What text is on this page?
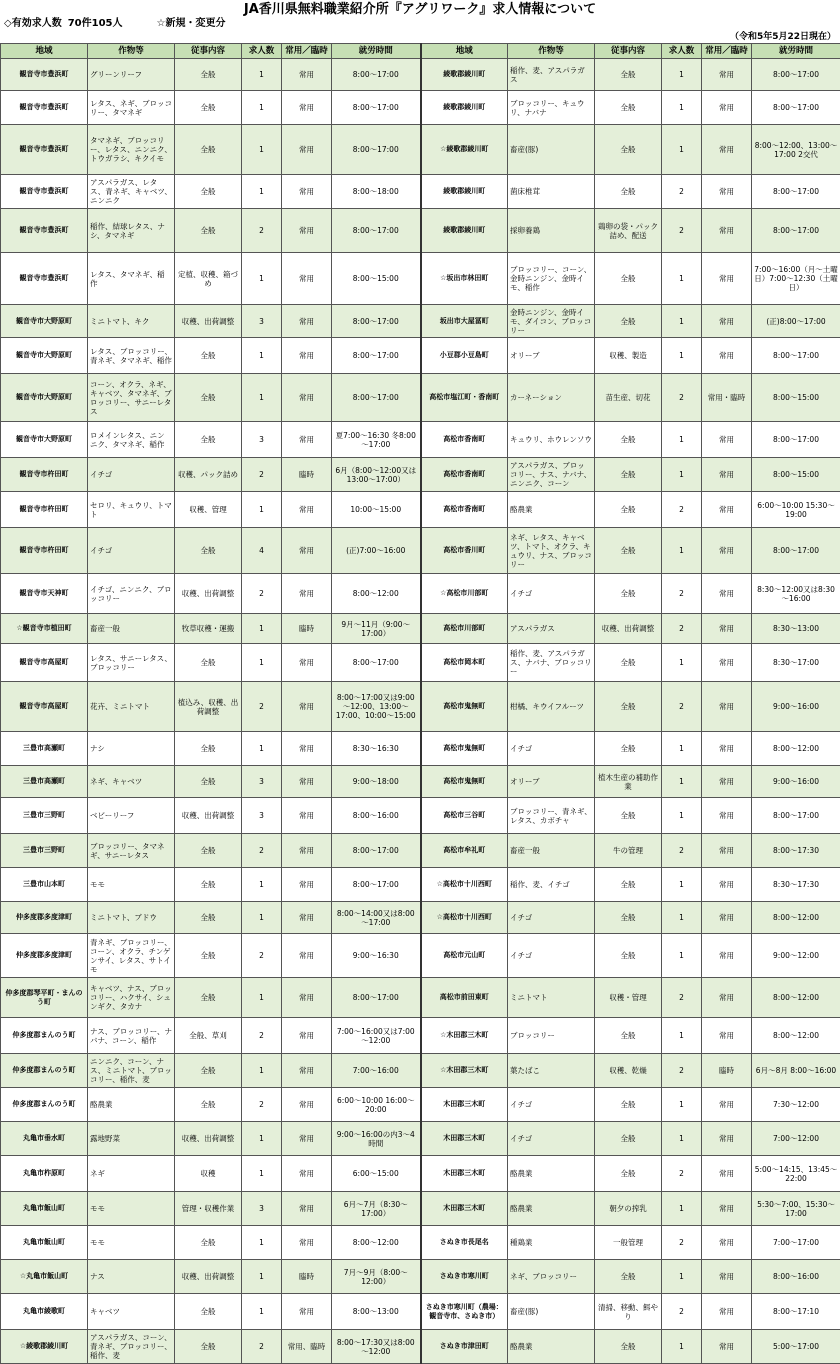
JA香川県無料職業紹介所『アグリワーク』求人情報について
◇有効求人数 70件105人	☆新規・変更分
（令和5年5月22日現在）
地域	作物等	従事内容	求人数	常用／臨時	就労時間	地域	作物等	従事内容	求人数	常用／臨時	就労時間
観音寺市豊浜町	グリーンリーフ	全般	1	常用	8:00～17:00	綾歌郡綾川町	稲作、麦、アスパラガス	全般	1	常用	8:00～17:00
観音寺市豊浜町	レタス、ネギ、ブロッコリー、タマネギ	全般	1	常用	8:00～17:00	綾歌郡綾川町	ブロッコリー、キュウリ、ナバナ	全般	1	常用	8:00～17:00
観音寺市豊浜町	タマネギ、ブロッコリー、レタス、ニンニク、トウガラシ、キクイモ	全般	1	常用	8:00～17:00	☆綾歌郡綾川町	畜産(豚)	全般	1	常用	8:00～12:00、13:00～17:00 2交代
観音寺市豊浜町	アスパラガス、レタス、青ネギ、キャベツ、ニンニク	全般	1	常用	8:00～18:00	綾歌郡綾川町	菌床椎茸	全般	2	常用	8:00～17:00
観音寺市豊浜町	稲作、結球レタス、ナシ、タマネギ	全般	2	常用	8:00～17:00	綾歌郡綾川町	採卵養鶏	鶏卵の袋・パック詰め、配送	2	常用	8:00～17:00
観音寺市豊浜町	レタス、タマネギ、稲作	定植、収穫、箱づめ	1	常用	8:00～15:00	☆坂出市林田町	ブロッコリー、コーン、金時ニンジン、金時イモ、稲作	全般	1	常用	7:00～16:00（月～土曜日）7:00～12:30（土曜日）
観音寺市大野原町	ミニトマト、キク	収穫、出荷調整	3	常用	8:00～17:00	坂出市大屋冨町	金時ニンジン、金時イモ、ダイコン、ブロッコリー	全般	1	常用	(正)8:00～17:00
観音寺市大野原町	レタス、ブロッコリー、青ネギ、タマネギ、稲作	全般	1	常用	8:00～17:00	小豆郡小豆島町	オリーブ	収穫、製造	1	常用	8:00～17:00
観音寺市大野原町	コーン、オクラ、ネギ、キャベツ、タマネギ、ブロッコリー、サニーレタス	全般	1	常用	8:00～17:00	高松市塩江町・香南町	カーネーション	苗生産、切花	2	常用・臨時	8:00～15:00
観音寺市大野原町	ロメインレタス、ニンニク、タマネギ、稲作	全般	3	常用	夏7:00～16:30 冬8:00～17:00	高松市香南町	キュウリ、ホウレンソウ	全般	1	常用	8:00～17:00
観音寺市杵田町	イチゴ	収穫、パック詰め	2	臨時	6月（8:00～12:00又は13:00～17:00）	高松市香南町	アスパラガス、ブロッコリー、ナス、ナバナ、ニンニク、コーン	全般	1	常用	8:00～15:00
観音寺市杵田町	セロリ、キュウリ、トマト	収穫、管理	1	常用	10:00～15:00	高松市香南町	酪農業	全般	2	常用	6:00～10:00 15:30～19:00
観音寺市杵田町	イチゴ	全般	4	常用	(正)7:00～16:00	高松市香川町	ネギ、レタス、キャベツ、トマト、オクラ、キュウリ、ナス、ブロッコリー	全般	1	常用	8:00～17:00
観音寺市天神町	イチゴ、ニンニク、ブロッコリー	収穫、出荷調整	2	常用	8:00～12:00	☆高松市川部町	イチゴ	全般	2	常用	8:30～12:00又は8:30～16:00
☆観音寺市植田町	畜産一般	牧草収穫・運搬	1	臨時	9月～11月（9:00～17:00）	高松市川部町	アスパラガス	収穫、出荷調整	2	常用	8:30～13:00
観音寺市高屋町	レタス、サニーレタス、ブロッコリー	全般	1	常用	8:00～17:00	高松市岡本町	稲作、麦、アスパラガス、ナバナ、ブロッコリー	全般	1	常用	8:30～17:00
観音寺市高屋町	花卉、ミニトマト	植込み、収穫、出荷調整	2	常用	8:00～17:00又は9:00～12:00、13:00～17:00、10:00～15:00	高松市鬼無町	柑橘、キウイフルーツ	全般	2	常用	9:00～16:00
三豊市高瀬町	ナシ	全般	1	常用	8:30～16:30	高松市鬼無町	イチゴ	全般	1	常用	8:00～12:00
三豊市高瀬町	ネギ、キャベツ	全般	3	常用	9:00～18:00	高松市鬼無町	オリーブ	植木生産の補助作業	1	常用	9:00～16:00
三豊市三野町	ベビーリーフ	収穫、出荷調整	3	常用	8:00～16:00	高松市三谷町	ブロッコリー、青ネギ、レタス、カボチャ	全般	1	常用	8:00～17:00
三豊市三野町	ブロッコリー、タマネギ、サニーレタス	全般	2	常用	8:00～17:00	高松市牟礼町	畜産一般	牛の管理	2	常用	8:00～17:30
三豊市山本町	モモ	全般	1	常用	8:00～17:00	☆高松市十川西町	稲作、麦、イチゴ	全般	1	常用	8:30～17:30
仲多度郡多度津町	ミニトマト、ブドウ	全般	1	常用	8:00～14:00又は8:00～17:00	☆高松市十川西町	イチゴ	全般	1	常用	8:00～12:00
仲多度郡多度津町	青ネギ、ブロッコリー、コーン、オクラ、チンゲンサイ、レタス、サトイモ	全般	2	常用	9:00～16:30	高松市元山町	イチゴ	全般	1	常用	9:00～12:00
仲多度郡琴平町・まんのう町	キャベツ、ナス、ブロッコリー、ハクサイ、シュンギク、タカナ	全般	1	常用	8:00～17:00	高松市前田東町	ミニトマト	収穫・管理	2	常用	8:00～12:00
仲多度郡まんのう町	ナス、ブロッコリー、ナバナ、コーン、稲作	全般、草刈	2	常用	7:00～16:00又は7:00～12:00	☆木田郡三木町	ブロッコリー	全般	1	常用	8:00～12:00
仲多度郡まんのう町	ニンニク、コーン、ナス、ミニトマト、ブロッコリー、稲作、麦	全般	1	常用	7:00～16:00	☆木田郡三木町	葉たばこ	収穫、乾燥	2	臨時	6月～8月 8:00～16:00
仲多度郡まんのう町	酪農業	全般	2	常用	6:00～10:00 16:00～20:00	木田郡三木町	イチゴ	全般	1	常用	7:30～12:00
丸亀市垂水町	露地野菜	収穫、出荷調整	1	常用	9:00～16:00の内3～4時間	木田郡三木町	イチゴ	全般	1	常用	7:00～12:00
丸亀市柞原町	ネギ	収穫	1	常用	6:00～15:00	木田郡三木町	酪農業	全般	2	常用	5:00～14:15、13:45～22:00
丸亀市飯山町	モモ	管理・収穫作業	3	常用	6月～7月（8:30～17:00）	木田郡三木町	酪農業	朝夕の搾乳	1	常用	5:30～7:00、15:30～17:00
丸亀市飯山町	モモ	全般	1	常用	8:00～12:00	さぬき市長尾名	種鶏業	一般管理	2	常用	7:00～17:00
☆丸亀市飯山町	ナス	収穫、出荷調整	1	臨時	7月～9月（8:00～12:00）	さぬき市寒川町	ネギ、ブロッコリー	全般	1	常用	8:00～16:00
丸亀市綾歌町	キャベツ	全般	1	常用	8:00～13:00	さぬき市寒川町（農場：観音寺市、さぬき市）	畜産(豚)	清掃、移動、餌やり	2	常用	8:00～17:10
☆綾歌郡綾川町	アスパラガス、コーン、青ネギ、ブロッコリー、稲作、麦	全般	2	常用、臨時	8:00～17:30又は8:00～12:00	さぬき市津田町	酪農業	全般	1	常用	5:00～17:00
